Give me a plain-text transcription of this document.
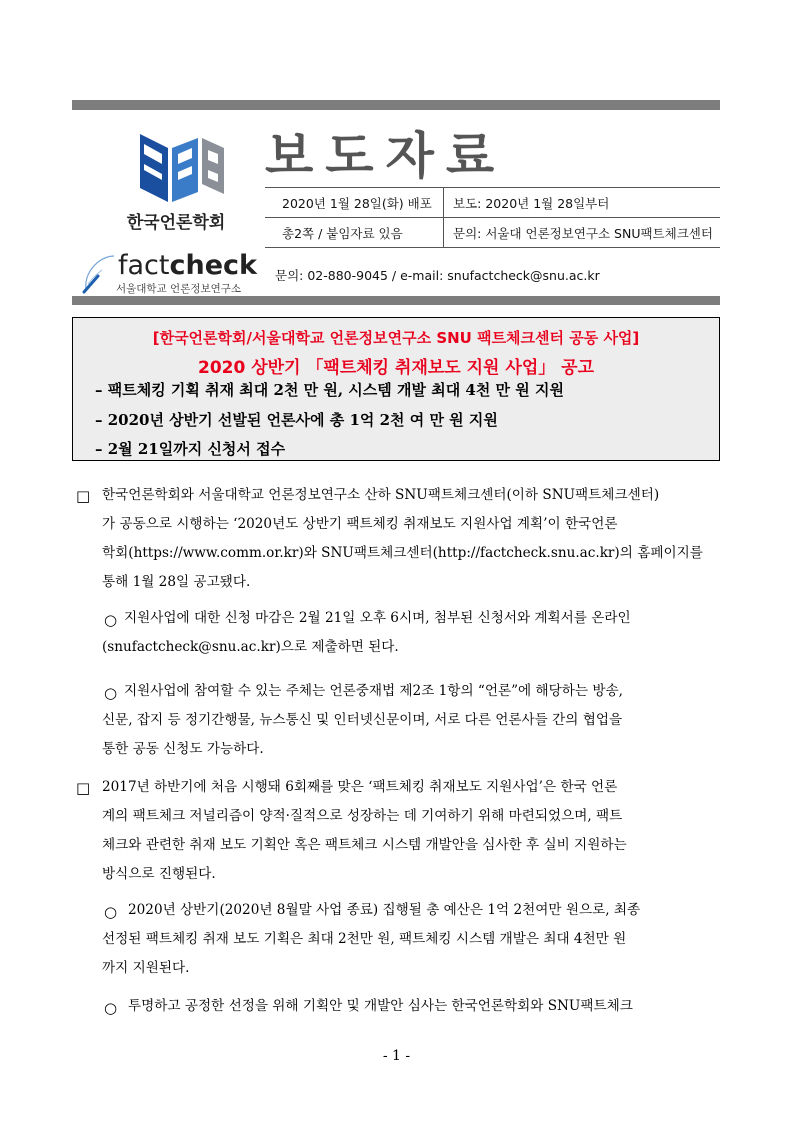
한국언론학회
보도자료
2020년 1월 28일(화) 배포 보도: 2020년 1월 28일부터
총2쪽 / 붙임자료 있음	문의: 서울대 언론정보연구소 SNU팩트체크센터
factcheck
서울대학교 언론정보연구소
문의: 02-880-9045 / e-mail: snufactcheck@snu.ac.kr
[한국언론학회/서울대학교 언론정보연구소 SNU 팩트체크센터 공동 사업]
2020 상반기 「팩트체킹 취재보도 지원 사업」 공고
– 팩트체킹 기획 취재 최대 2천 만 원, 시스템 개발 최대 4천 만 원 지원
– 2020년 상반기 선발된 언론사에 총 1억 2천 여 만 원 지원
– 2월 21일까지 신청서 접수
□ 한국언론학회와 서울대학교 언론정보연구소 산하 SNU팩트체크센터(이하 SNU팩트체크센터)
가 공동으로 시행하는 ‘2020년도 상반기 팩트체킹 취재보도 지원사업 계획’이 한국언론
학회(https://www.comm.or.kr)와 SNU팩트체크센터(http://factcheck.snu.ac.kr)의 홈페이지를
통해 1월 28일 공고됐다.
○ 지원사업에 대한 신청 마감은 2월 21일 오후 6시며, 첨부된 신청서와 계획서를 온라인
(snufactcheck@snu.ac.kr)으로 제출하면 된다.
○ 지원사업에 참여할 수 있는 주체는 언론중재법 제2조 1항의 “언론”에 해당하는 방송,
신문, 잡지 등 정기간행물, 뉴스통신 및 인터넷신문이며, 서로 다른 언론사들 간의 협업을
통한 공동 신청도 가능하다.
□ 2017년 하반기에 처음 시행돼 6회째를 맞은 ‘팩트체킹 취재보도 지원사업’은 한국 언론
계의 팩트체크 저널리즘이 양적·질적으로 성장하는 데 기여하기 위해 마련되었으며, 팩트
체크와 관련한 취재 보도 기획안 혹은 팩트체크 시스템 개발안을 심사한 후 실비 지원하는
방식으로 진행된다.
○ 2020년 상반기(2020년 8월말 사업 종료) 집행될 총 예산은 1억 2천여만 원으로, 최종
선정된 팩트체킹 취재 보도 기획은 최대 2천만 원, 팩트체킹 시스템 개발은 최대 4천만 원
까지 지원된다.
○ 투명하고 공정한 선정을 위해 기획안 및 개발안 심사는 한국언론학회와 SNU팩트체크
- 1 -
